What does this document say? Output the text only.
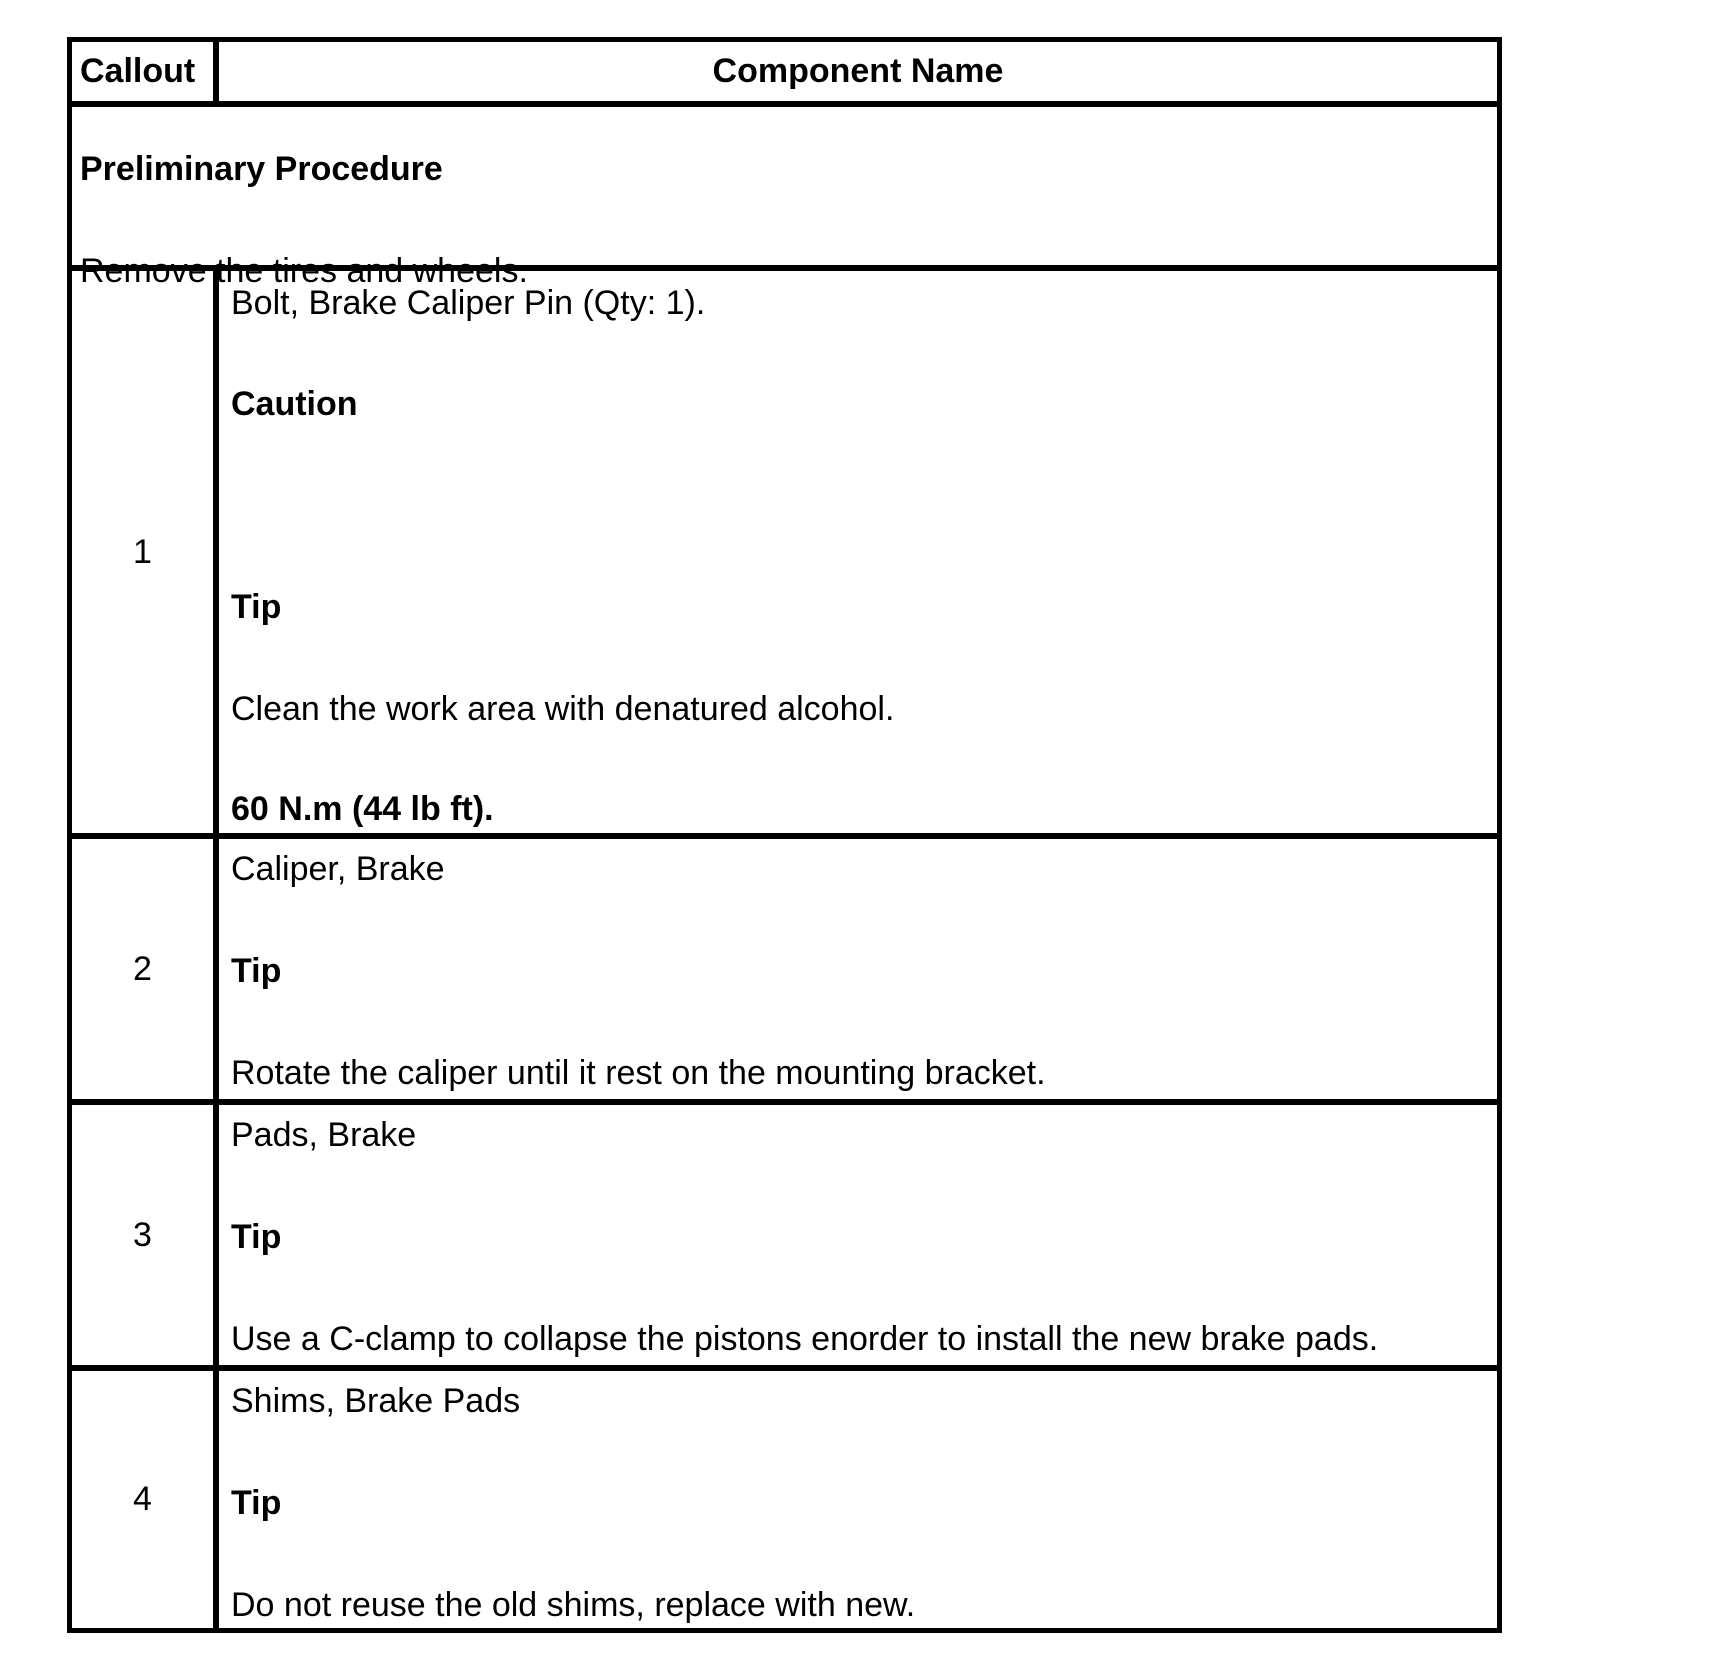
Callout	Component Name
Preliminary Procedure
Remove the tires and wheels.
1
Bolt, Brake Caliper Pin (Qty: 1).
Caution
Tip
Clean the work area with denatured alcohol.
60 N.m (44 lb ft).
2
Caliper, Brake
Tip
Rotate the caliper until it rest on the mounting bracket.
3
Pads, Brake
Tip
Use a C-clamp to collapse the pistons enorder to install the new brake pads.
4
Shims, Brake Pads
Tip
Do not reuse the old shims, replace with new.
